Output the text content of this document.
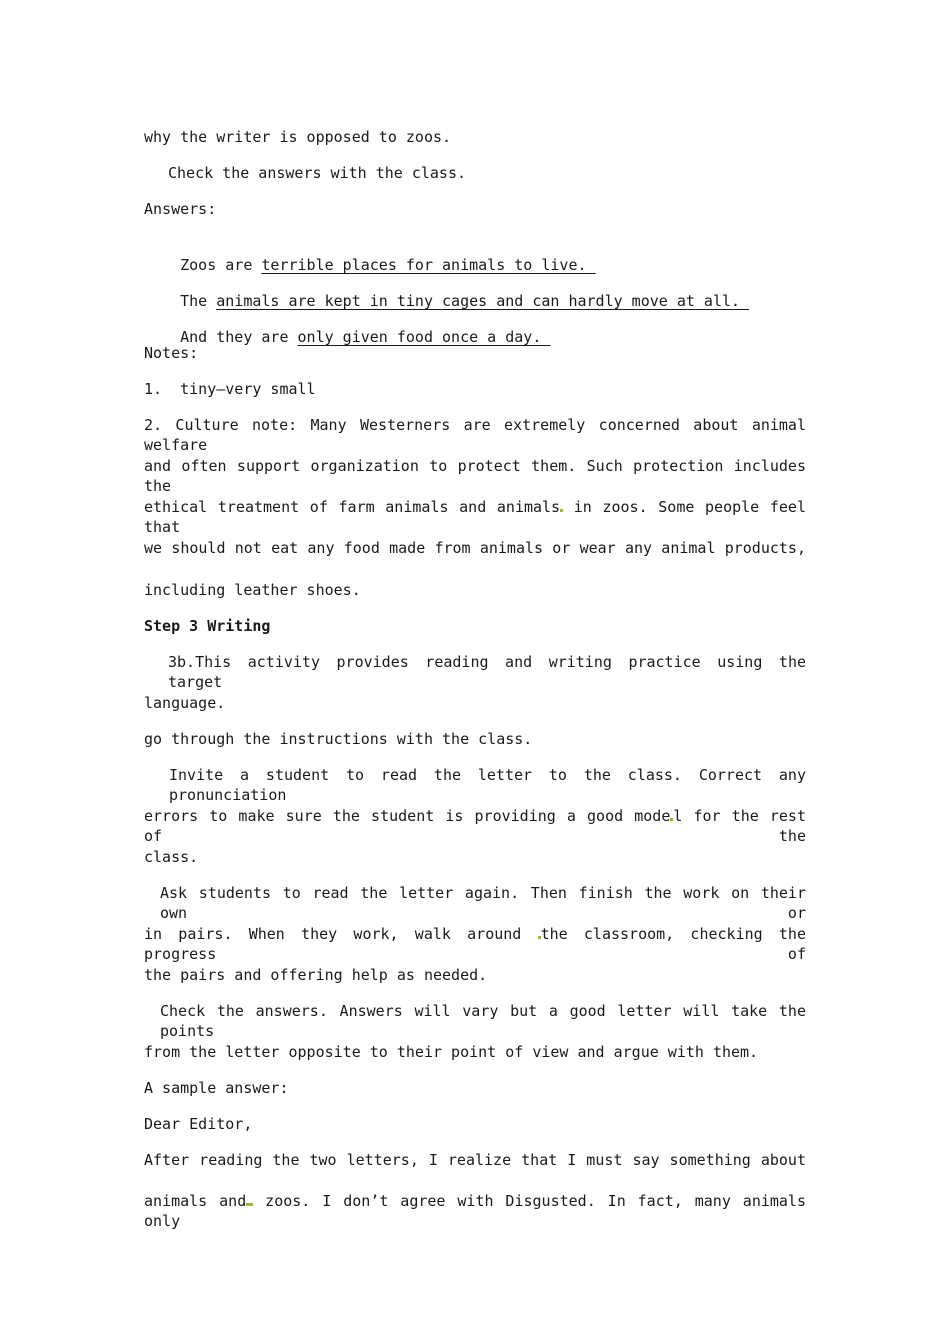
why the writer is opposed to zoos.
Check the answers with the class.
Answers:

Zoos are terrible places for animals to live.

The animals are kept in tiny cages and can hardly move at all.

And they are only given food once a day.

Notes:
1.  tiny—very small
2. Culture note: Many Westerners are extremely concerned about animal welfare
and often support organization to protect them. Such protection includes the
ethical treatment of farm animals and animals in zoos. Some people feel that
we should not eat any food made from animals or wear any animal products,
including leather shoes.
Step 3 Writing
3b.This activity provides reading and writing practice using the target
language.
go through the instructions with the class.
Invite a student to read the letter to the class. Correct any pronunciation
errors to make sure the student is providing a good mode l for the rest of the
class.
Ask students to read the letter again. Then finish the work on their own or
in pairs. When they work, walk around the classroom, checking the progress of
the pairs and offering help as needed.
Check the answers. Answers will vary but a good letter will take the points
from the letter opposite to their point of view and argue with them.
A sample answer:
Dear Editor,
After reading the two letters, I realize that I must say something about
animals and zoos. I don’t agree with Disgusted. In fact, many animals only
